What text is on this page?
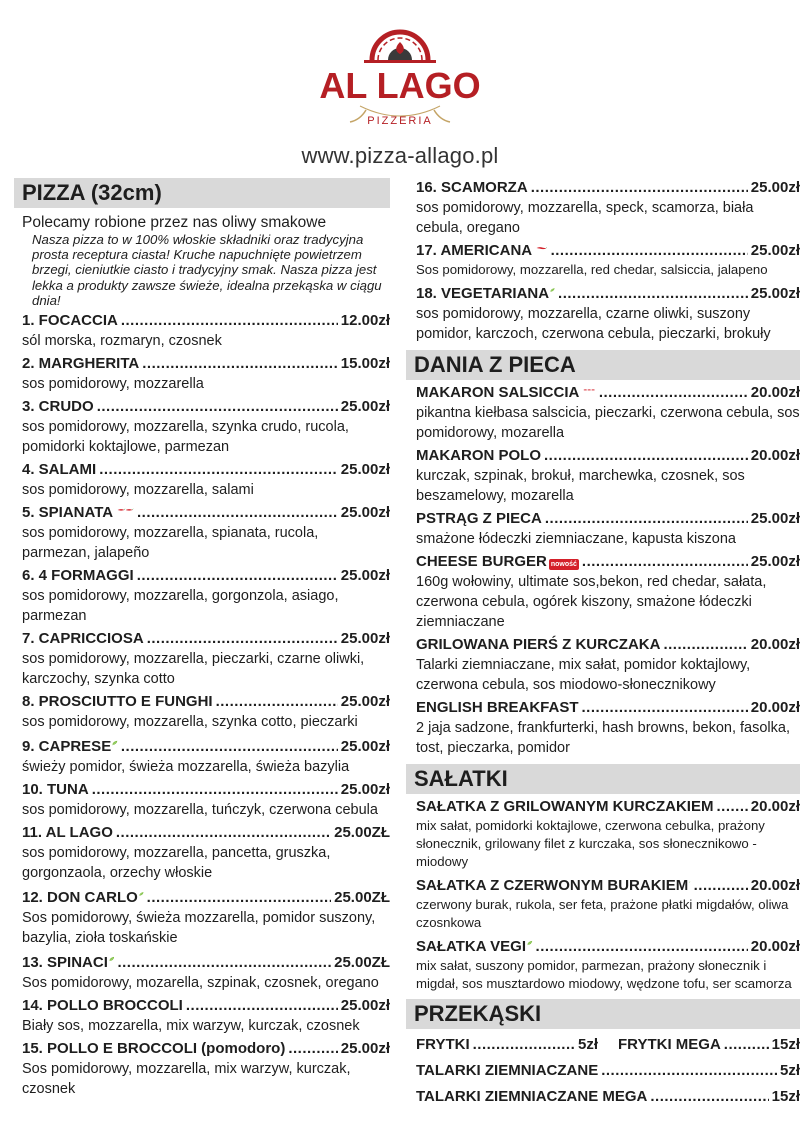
AL LAGO
PIZZERIA
www.pizza-allago.pl
PIZZA (32cm)
Polecamy robione przez nas oliwy smakowe
Nasza pizza to w 100% włoskie składniki oraz tradycyjna prosta receptura ciasta! Kruche napuchnięte powietrzem brzegi, cieniutkie ciasto i tradycyjny smak. Nasza pizza jest lekka a produkty zawsze świeże, idealna przekąska w ciągu dnia!
1. FOCACCIA .....	12.00zł
sól morska, rozmaryn, czosnek
2. MARGHERITA .....	15.00zł
sos pomidorowy, mozzarella
3. CRUDO .....	25.00zł
sos pomidorowy, mozzarella, szynka crudo, rucola, pomidorki koktajlowe, parmezan
4. SALAMI .....	25.00zł
sos pomidorowy, mozzarella, salami
5. SPIANATA .....	25.00zł
sos pomidorowy, mozzarella, spianata, rucola, parmezan, jalapeño
6. 4 FORMAGGI .....	25.00zł
sos pomidorowy, mozzarella, gorgonzola, asiago, parmezan
7. CAPRICCIOSA .....	25.00zł
sos pomidorowy, mozzarella, pieczarki, czarne oliwki, karczochy, szynka cotto
8. PROSCIUTTO E FUNGHI .....	25.00zł
sos pomidorowy, mozzarella, szynka cotto, pieczarki
9. CAPRESE .....	25.00zł
świeży pomidor, świeża mozzarella, świeża bazylia
10. TUNA .....	25.00zł
sos pomidorowy, mozzarella, tuńczyk, czerwona cebula
11. AL LAGO .....	25.00ZŁ
sos pomidorowy, mozzarella, pancetta, gruszka, gorgonzaola, orzechy włoskie
12. DON CARLO .....	25.00ZŁ
Sos pomidorowy, świeża mozzarella, pomidor suszony, bazylia, zioła toskańskie
13. SPINACI .....	25.00ZŁ
Sos pomidorowy, mozarella, szpinak, czosnek, oregano
14. POLLO BROCCOLI .....	25.00zł
Biały sos, mozzarella, mix warzyw, kurczak, czosnek
15. POLLO E BROCCOLI (pomodoro) .....	25.00zł
Sos pomidorowy, mozzarella, mix warzyw, kurczak, czosnek
16. SCAMORZA .....	25.00zł
sos pomidorowy, mozzarella, speck, scamorza, biała cebula, oregano
17. AMERICANA .....	25.00zł
Sos pomidorowy, mozzarella, red chedar, salsiccia, jalapeno
18. VEGETARIANA .....	25.00zł
sos pomidorowy, mozzarella, czarne oliwki, suszony pomidor, karczoch, czerwona cebula, pieczarki, brokuły
DANIA Z PIECA
MAKARON SALSICCIA .....	20.00zł
pikantna kiełbasa salscicia, pieczarki, czerwona cebula, sos pomidorowy, mozarella
MAKARON POLO .....	20.00zł
kurczak, szpinak, brokuł, marchewka, czosnek, sos beszamelowy, mozarella
PSTRĄG Z PIECA .....	25.00zł
smażone łódeczki ziemniaczane, kapusta kiszona
CHEESE BURGER nowość .....	25.00zł
160g wołowiny, ultimate sos,bekon, red chedar, sałata, czerwona cebula, ogórek kiszony, smażone łódeczki ziemniaczane
GRILOWANA PIERŚ Z KURCZAKA .....	20.00zł
Talarki ziemniaczane, mix sałat, pomidor koktajlowy, czerwona cebula, sos miodowo-słonecznikowy
ENGLISH BREAKFAST .....	20.00zł
2 jaja sadzone, frankfurterki, hash browns, bekon, fasolka, tost, pieczarka, pomidor
SAŁATKI
SAŁATKA Z GRILOWANYM KURCZAKIEM ..... 20.00zł
mix sałat, pomidorki koktajlowe, czerwona cebulka, prażony słonecznik, grilowany filet z kurczaka, sos słonecznikowo - miodowy
SAŁATKA Z CZERWONYM BURAKIEM .....	20.00zł
czerwony burak, rukola, ser feta, prażone płatki migdałów, oliwa czosnkowa
SAŁATKA VEGI .....	20.00zł
mix sałat, suszony pomidor, parmezan, prażony słonecznik i migdał, sos musztardowo miodowy, wędzone tofu, ser scamorza
PRZEKĄSKI
FRYTKI .....	5zł FRYTKI MEGA .....	15zł
TALARKI ZIEMNIACZANE .....	5zł
TALARKI ZIEMNIACZANE MEGA .....	15zł
